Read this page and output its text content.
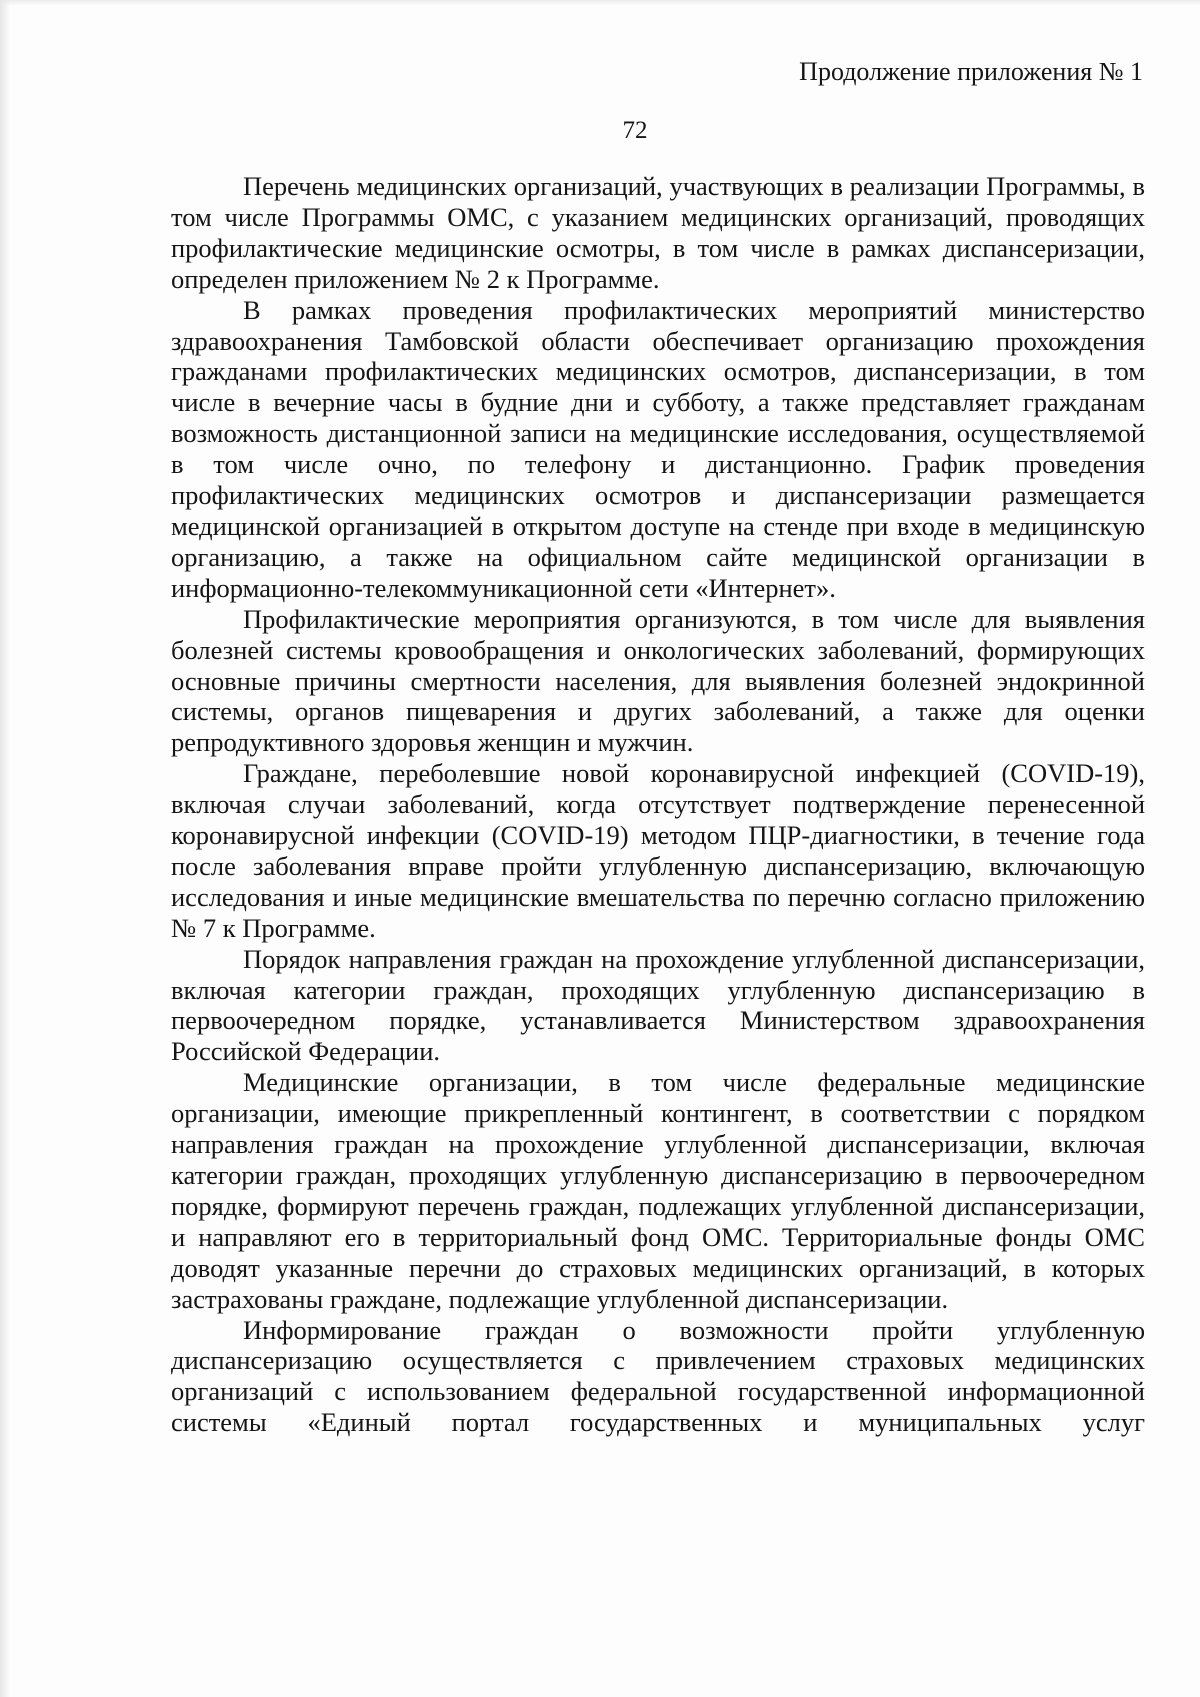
Продолжение приложения № 1
72

Перечень медицинских организаций, участвующих в реализации Программы, в том числе Программы ОМС, с указанием медицинских организаций, проводящих профилактические медицинские осмотры, в том числе в рамках диспансеризации, определен приложением № 2 к Программе.

В рамках проведения профилактических мероприятий министерство здравоохранения Тамбовской области обеспечивает организацию прохождения гражданами профилактических медицинских осмотров, диспансеризации, в том числе в вечерние часы в будние дни и субботу, а также представляет гражданам возможность дистанционной записи на медицинские исследования, осуществляемой в том числе очно, по телефону и дистанционно. График проведения профилактических медицинских осмотров и диспансеризации размещается медицинской организацией в открытом доступе на стенде при входе в медицинскую организацию, а также на официальном сайте медицинской организации в информационно-телекоммуникационной сети «Интернет».

Профилактические мероприятия организуются, в том числе для выявления болезней системы кровообращения и онкологических заболеваний, формирующих основные причины смертности населения, для выявления болезней эндокринной системы, органов пищеварения и других заболеваний, а также для оценки репродуктивного здоровья женщин и мужчин.

Граждане, переболевшие новой коронавирусной инфекцией (COVID-19), включая случаи заболеваний, когда отсутствует подтверждение перенесенной коронавирусной инфекции (COVID-19) методом ПЦР-диагностики, в течение года после заболевания вправе пройти углубленную диспансеризацию, включающую исследования и иные медицинские вмешательства по перечню согласно приложению № 7 к Программе.

Порядок направления граждан на прохождение углубленной диспансеризации, включая категории граждан, проходящих углубленную диспансеризацию в первоочередном порядке, устанавливается Министерством здравоохранения Российской Федерации.

Медицинские организации, в том числе федеральные медицинские организации, имеющие прикрепленный контингент, в соответствии с порядком направления граждан на прохождение углубленной диспансеризации, включая категории граждан, проходящих углубленную диспансеризацию в первоочередном порядке, формируют перечень граждан, подлежащих углубленной диспансеризации, и направляют его в территориальный фонд ОМС. Территориальные фонды ОМС доводят указанные перечни до страховых медицинских организаций, в которых застрахованы граждане, подлежащие углубленной диспансеризации.

Информирование граждан о возможности пройти углубленную диспансеризацию осуществляется с привлечением страховых медицинских организаций с использованием федеральной государственной информационной системы «Единый портал государственных и муниципальных услуг
